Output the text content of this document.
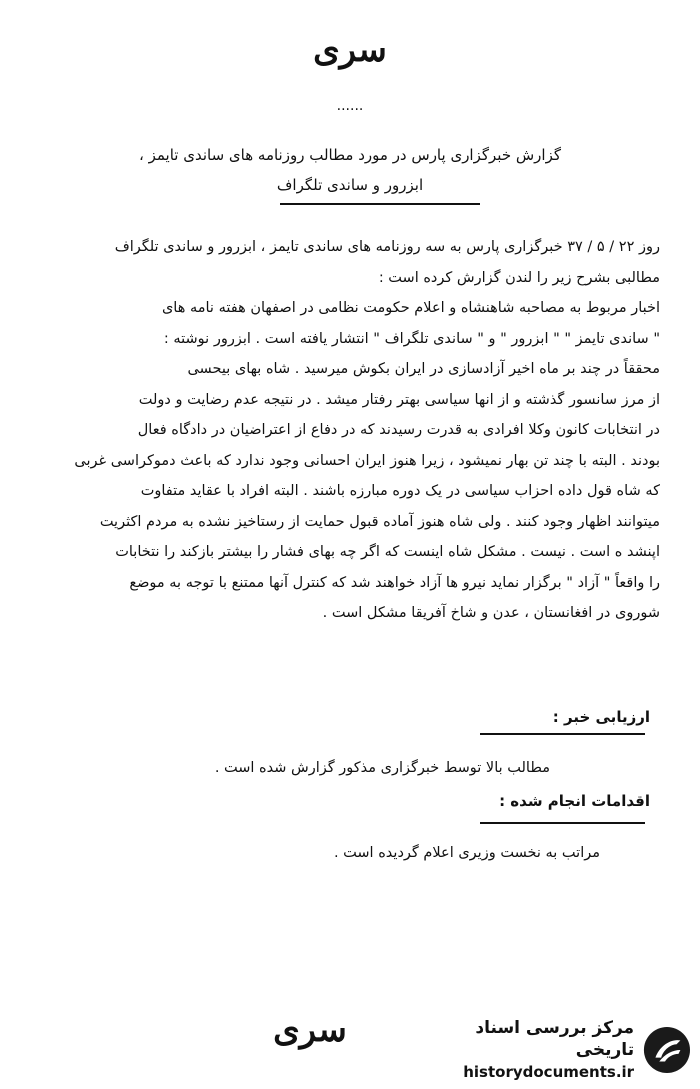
سری
......
گزارش خبرگزاری پارس در مورد مطالب روزنامه های ساندی تایمز ،
ابزرور و ساندی تلگراف

روز ۲۲ / ۵ / ۳۷ خبرگزاری پارس به سه روزنامه های ساندی تایمز ، ابزرور و ساندی تلگراف

مطالبی بشرح زیر را لندن گزارش کرده است :

اخبار مربوط به مصاحبه شاهنشاه و اعلام حکومت نظامی در اصفهان هفته نامه های

" ساندی تایمز " " ابزرور " و " ساندی تلگراف " انتشار یافته است . ابزرور نوشته :

محققاً در چند بر ماه اخیر آزادسازی در ایران بکوش میرسید . شاه بهای بیحسی

از مرز سانسور گذشته و از انها سیاسی بهتر رفتار میشد . در نتیجه عدم رضایت و دولت

در انتخابات کانون وکلا افرادی به قدرت رسیدند که در دفاع از اعتراضیان در دادگاه فعال

بودند . البته با چند تن بهار نمیشود ، زیرا هنوز ایران احسانی وجود ندارد که باعث دموکراسی غربی

که شاه قول داده احزاب سیاسی در یک دوره مبارزه باشند . البته افراد با عقاید متفاوت

میتوانند اظهار وجود کنند . ولی شاه هنوز آماده قبول حمایت از رستاخیز نشده به مردم اکثریت

اپنشد ه است . نیست . مشکل شاه اینست که اگر چه بهای فشار را بیشتر بازکند را نتخابات

را واقعاً " آزاد " برگزار نماید نیرو ها آزاد خواهند شد که کنترل آنها ممتنع با توجه به موضع

شوروی در افغانستان ، عدن و شاخ آفریقا مشکل است .

ارزیابی خبر :
مطالب بالا توسط خبرگزاری مذکور گزارش شده است .
اقدامات انجام شده :
مراتب به نخست وزیری اعلام گردیده است .
سری	مرکز بررسی اسناد تاریخی
historydocuments.ir
